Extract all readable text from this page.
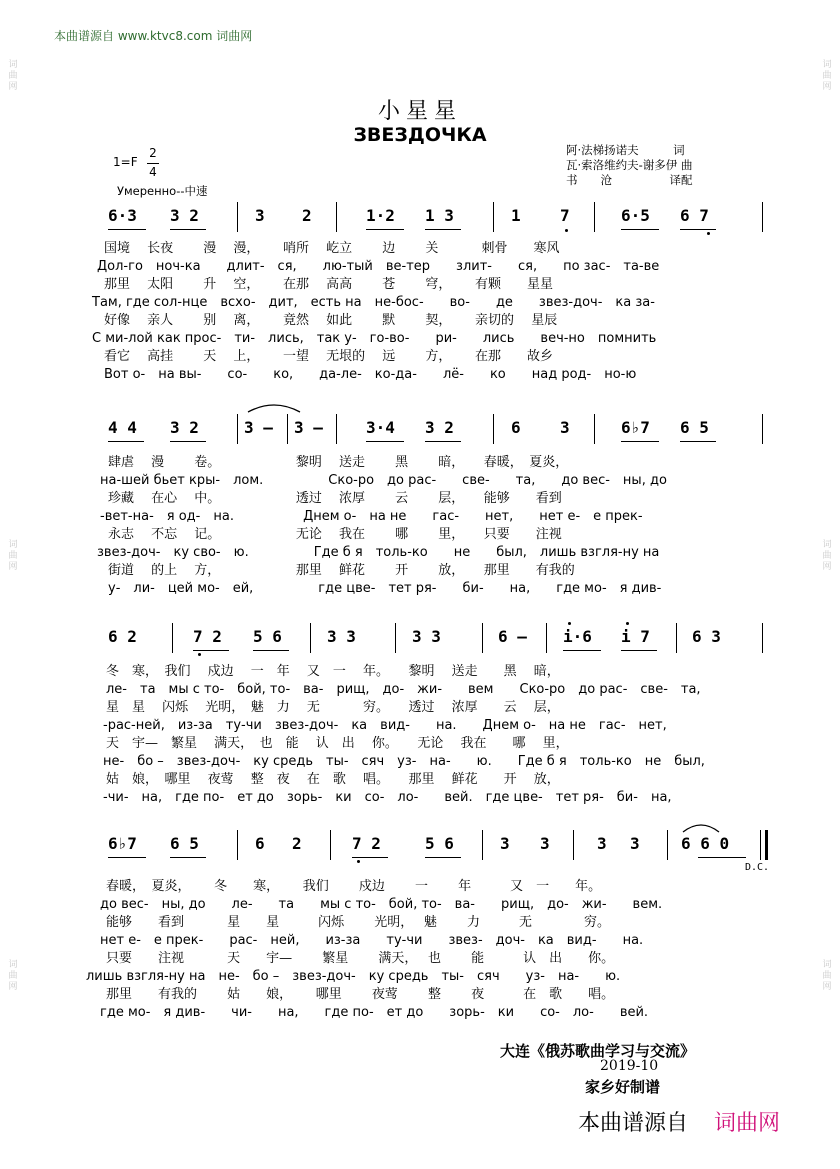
本曲谱源自 www.ktvc8.com 词曲网
词
曲
网
词
曲
网
词
曲
网
词
曲
网
词
曲
网
词
曲
网
小星星
ЗВЕЗДОЧКА
阿·法梯扬诺夫　　　词
瓦·索洛维约夫-谢多伊 曲
书　　沧　　　　　译配
1=F
2
4
Умеренно--中速
6·3 3 2	3 2	1·2 1 3	1 7	6·5 6 7
国境　 长夜　　 漫　 漫，　　 哨所　 屹立　　 边　　 关　　　 刺骨　　寒风
Дол-го　ноч-ка　　длит-　ся,　　лю-тый　ве-тер　　злит-　　ся,　　по зас-　та-ве
那里　 太阳　　 升　 空，　　 在那　 高高　　 苍　　 穹，　　 有颗　　星星
Там, где сол-нце　всхо-　дит,　есть на　не-бос-　　во-　　де　　звез-доч-　ка за-
好像　 亲人　　 别　 离，　　 竟然　 如此　　 默　　 契，　　 亲切的　 星辰
С ми-лой как прос-　ти-　лись,　так у-　го-во-　　ри-　　лись　　веч-но　помнить
看它　 高挂　　 天　 上，　　 一望　 无垠的　 远　　 方，　　 在那　　故乡
Вот о-　на вы-　　со-　　ко,　　да-ле-　ко-да-　　лё-　　ко　　над род-　но-ю
4 4 3 2	3 – 3 –	3·4 3 2	6 3	6♭7 6 5
肆虐　 漫　　 卷。　　　　　　 黎明　 送走　　 黑　　 暗，　　春暖，　夏炎，
на-шей бьет кры-　лом.　　　　　Ско-ро　до рас-　　све-　　та,　　до вес-　ны, до
珍藏　 在心　 中。　　　　　　 透过　 浓厚　　 云　　 层，　　能够　　看到
-вет-на-　я од-　на.　　　　　 Днем о-　на не　　гас-　　нет,　　нет е-　е прек-
永志　 不忘　 记。　　　　　　 无论　 我在　　 哪　　 里，　　只要　　注视
звез-доч-　ку сво-　ю.　　　　　Где б я　толь-ко　　не　　был,　лишь взгля-ну на
街道　 的上　 方，　　　　　　 那里　 鲜花　　 开　　 放，　　那里　　有我的
у-　ли-　цей мо-　ей,　　　　　где цве-　тет ря-　　би-　　на,　　где мо-　я див-
6 2	7 2 5 6	3 3	3 3	6 – i·6 i 7	6 3
冬　寒，　我们　 戍边　 一　年　 又　一　 年。　　黎明　 送走　　黑　 暗，
ле-　та　мы с то-　бой, то-　ва-　рищ,　до-　жи-　　вем　　Ско-ро　до рас-　све-　та,
星　星　 闪烁　 光明，　魅　力　 无　　　 穷。　　透过　 浓厚　　云　 层，
-рас-ней,　из-за　ту-чи　звез-доч-　ка　вид-　　на.　　Днем о-　на не　гас-　нет,
天　宇—　繁星　 满天，　也　能　 认　出　 你。　　无论　 我在　　哪　 里，
не-　бо –　звез-доч-　ку средь　ты-　сяч　уз-　на-　　ю.　　Где б я　толь-ко　не　был,
姑　娘，　哪里　 夜莺　 整　夜　 在　歌　 唱。　　那里　 鲜花　　开　 放，
-чи-　на,　где по-　ет до　зорь-　ки　со-　ло-　　вей.　где цве-　тет ря-　би-　на,
6♭7 6 5	6 2	7 2	5 6	3 3	3 3	6 6 0
D.C.
春暖，　夏炎，　　 冬　　寒，　　 我们　　 戍边　　 一　　 年　　　又　一　　年。
до вес-　ны, до　　ле-　　та　　мы с то-　бой, то-　ва-　　рищ,　до-　жи-　　вем.
能够　　看到　　　 星　　星　　　闪烁　　 光明，　 魅　　 力　　　无　　　　穷。
нет е-　е прек-　　рас-　ней,　　из-за　　ту-чи　　звез-　доч-　ка　вид-　　на.
只要　　注视　　　 天　　宇—　　 繁星　　 满天，　 也　　 能　　　认　出　　你。
лишь взгля-ну на　не-　бо –　звез-доч-　ку средь　ты-　сяч　　уз-　на-　　ю.
那里　　有我的　　 姑　　娘，　　 哪里　　 夜莺　　 整　　 夜　　　在　歌　　唱。
где мо-　я див-　　чи-　　на,　　где по-　ет до　　зорь-　ки　　со-　ло-　　вей.
大连《俄苏歌曲学习与交流》
2019-10
家乡好制谱
本曲谱源自 词曲网
